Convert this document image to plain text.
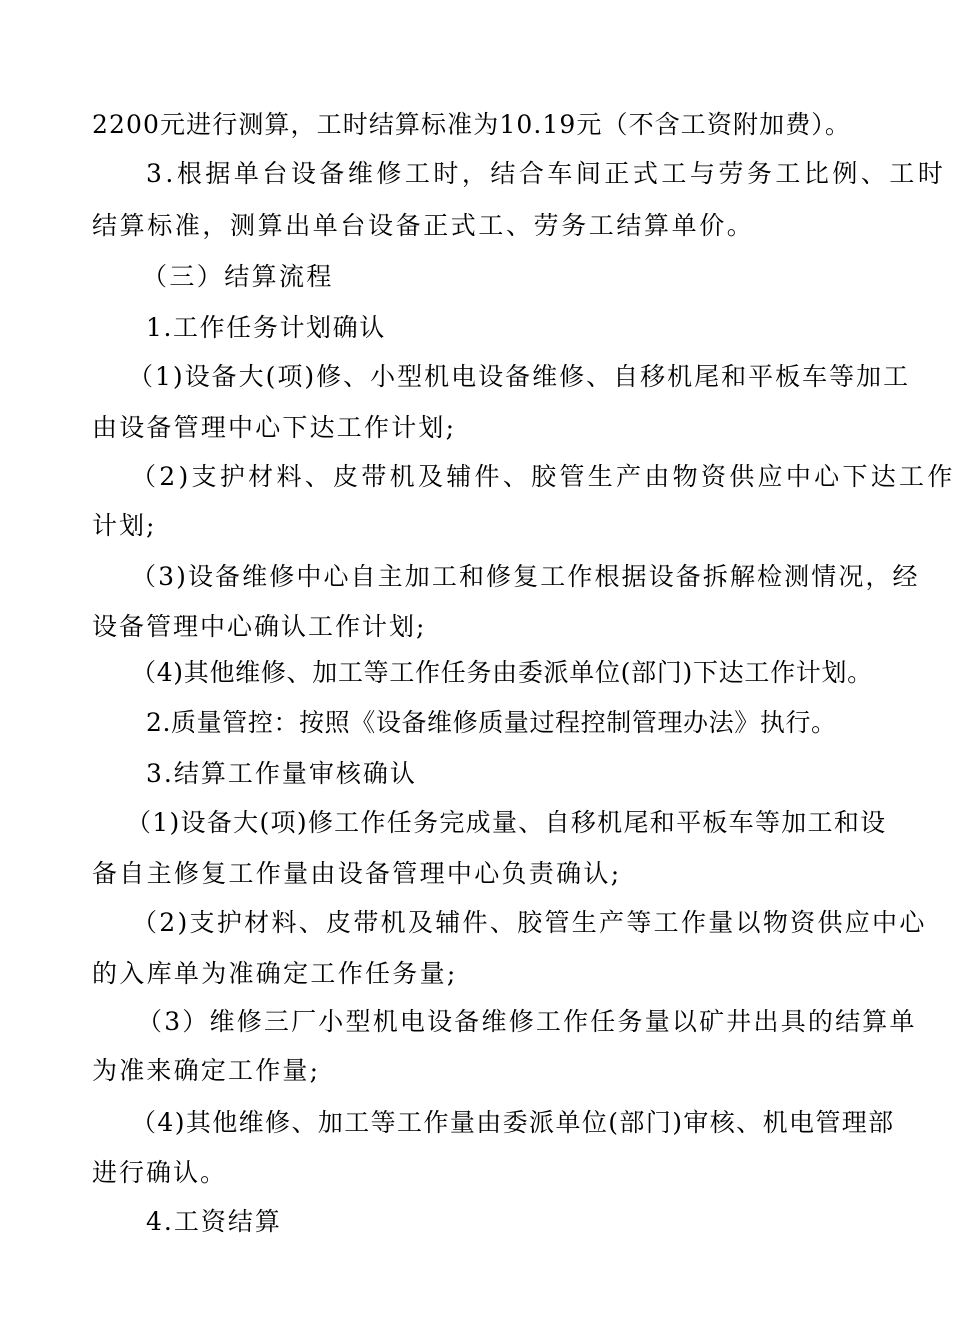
2200元进行测算，工时结算标准为10.19元（不含工资附加费）。
3.根据单台设备维修工时，结合车间正式工与劳务工比例、工时
结算标准，测算出单台设备正式工、劳务工结算单价。
（三）结算流程
1.工作任务计划确认
（1)设备大(项)修、小型机电设备维修、自移机尾和平板车等加工
由设备管理中心下达工作计划;
（2)支护材料、皮带机及辅件、胶管生产由物资供应中心下达工作
计划;
（3)设备维修中心自主加工和修复工作根据设备拆解检测情况，经
设备管理中心确认工作计划;
（4)其他维修、加工等工作任务由委派单位(部门)下达工作计划。
2.质量管控：按照《设备维修质量过程控制管理办法》执行。
3.结算工作量审核确认
（1)设备大(项)修工作任务完成量、自移机尾和平板车等加工和设
备自主修复工作量由设备管理中心负责确认;
（2)支护材料、皮带机及辅件、胶管生产等工作量以物资供应中心
的入库单为准确定工作任务量;
（3）维修三厂小型机电设备维修工作任务量以矿井出具的结算单
为准来确定工作量;
（4)其他维修、加工等工作量由委派单位(部门)审核、机电管理部
进行确认。
4.工资结算
